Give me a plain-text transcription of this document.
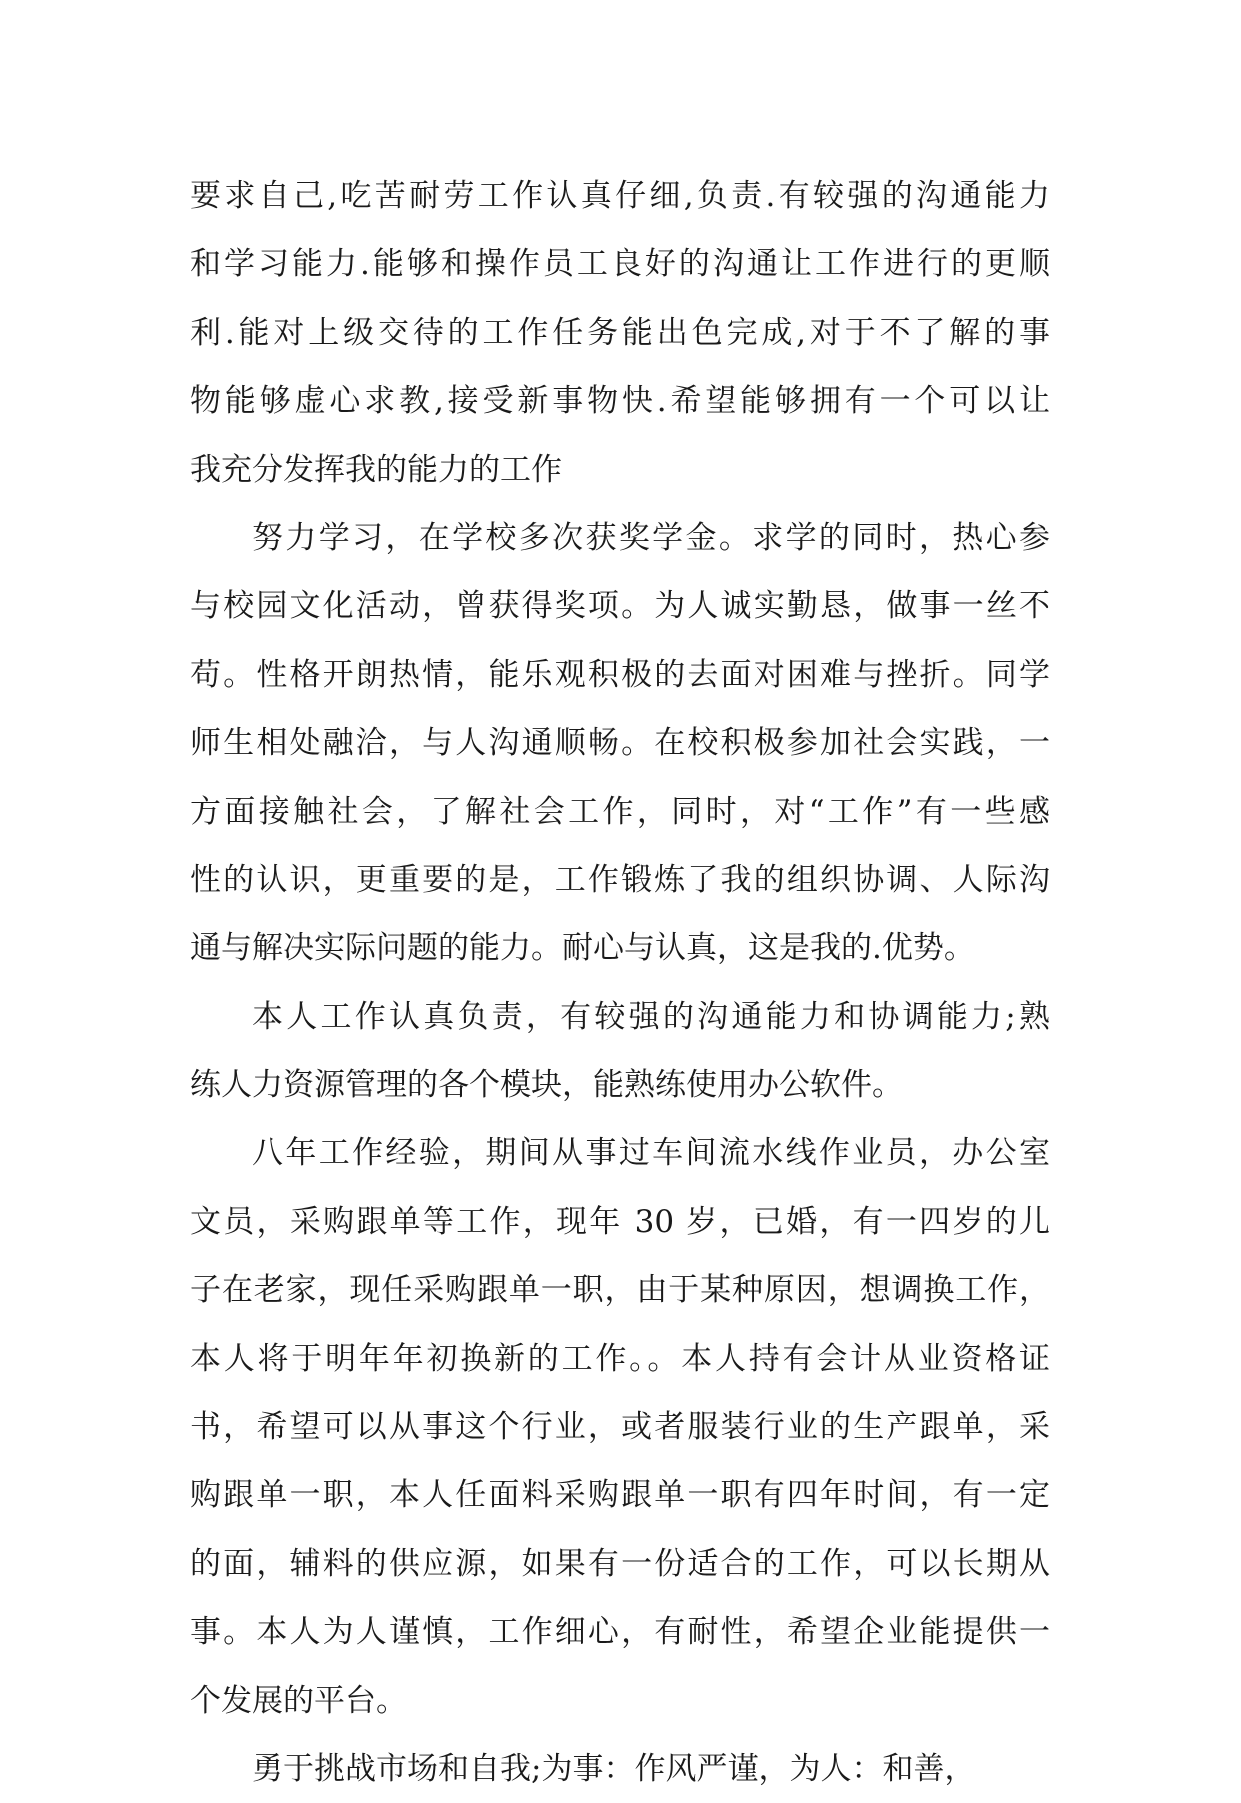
要求自己,吃苦耐劳工作认真仔细,负责.有较强的沟通能力
和学习能力.能够和操作员工良好的沟通让工作进行的更顺
利.能对上级交待的工作任务能出色完成,对于不了解的事
物能够虚心求教,接受新事物快.希望能够拥有一个可以让
我充分发挥我的能力的工作
努力学习，在学校多次获奖学金。求学的同时，热心参
与校园文化活动，曾获得奖项。为人诚实勤恳，做事一丝不
苟。性格开朗热情，能乐观积极的去面对困难与挫折。同学
师生相处融洽，与人沟通顺畅。在校积极参加社会实践，一
方面接触社会，了解社会工作，同时，对“工作”有一些感
性的认识，更重要的是，工作锻炼了我的组织协调、人际沟
通与解决实际问题的能力。耐心与认真，这是我的.优势。
本人工作认真负责，有较强的沟通能力和协调能力;熟
练人力资源管理的各个模块，能熟练使用办公软件。
八年工作经验，期间从事过车间流水线作业员，办公室
文员，采购跟单等工作，现年 30 岁，已婚，有一四岁的儿
子在老家，现任采购跟单一职，由于某种原因，想调换工作，
本人将于明年年初换新的工作。。本人持有会计从业资格证
书，希望可以从事这个行业，或者服装行业的生产跟单，采
购跟单一职，本人任面料采购跟单一职有四年时间，有一定
的面，辅料的供应源，如果有一份适合的工作，可以长期从
事。本人为人谨慎，工作细心，有耐性，希望企业能提供一
个发展的平台。
勇于挑战市场和自我;为事：作风严谨，为人：和善，
